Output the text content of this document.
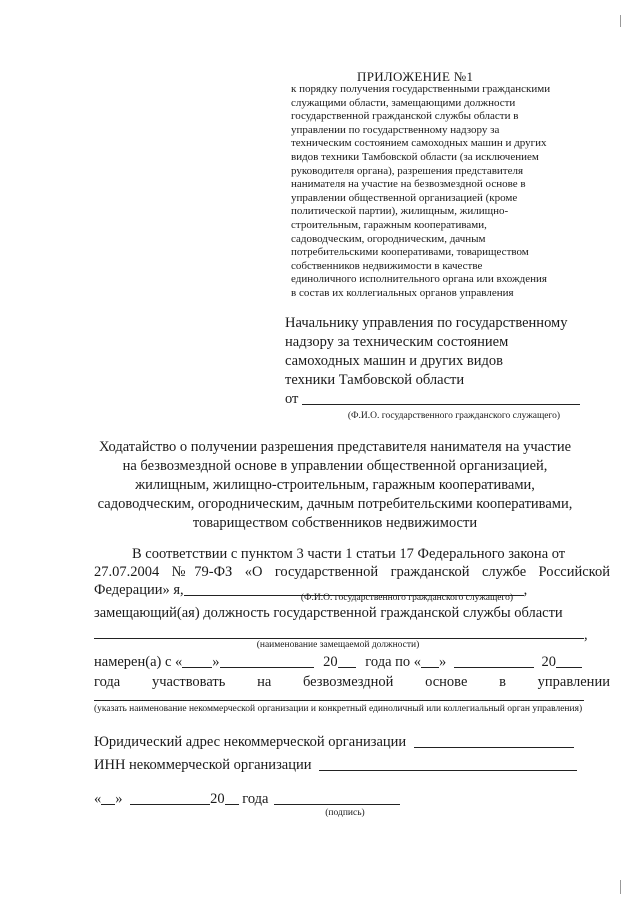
ПРИЛОЖЕНИЕ №1
к порядку получения государственными гражданскими
служащими области, замещающими должности
государственной гражданской службы области в
управлении по государственному надзору за
техническим состоянием самоходных машин и других
видов техники Тамбовской области (за исключением
руководителя органа), разрешения представителя
нанимателя на участие на безвозмездной основе в
управлении общественной организацией (кроме
политической партии), жилищным, жилищно-
строительным, гаражным кооперативами,
садоводческим, огородническим, дачным
потребительскими кооперативами, товариществом
собственников недвижимости в качестве
единоличного исполнительного органа или вхождения
в состав их коллегиальных органов управления
Начальнику управления по государственному
надзору за техническим состоянием
самоходных машин и других видов
техники Тамбовской области
от
(Ф.И.О. государственного гражданского служащего)
Ходатайство о получении разрешения представителя нанимателя на участие
на безвозмездной основе в управлении общественной организацией,
жилищным, жилищно-строительным, гаражным кооперативами,
садоводческим, огородническим, дачным потребительскими кооперативами,
товариществом собственников недвижимости
В соответствии с пунктом 3 части 1 статьи 17 Федерального закона от
27.07.2004 №79-ФЗ «О государственной гражданской службе Российской
Федерации» я,	,
(Ф.И.О. государственного гражданского служащего)
замещающий(ая) должность государственной гражданской службы области
,
(наименование замещаемой должности)
намерен(а) с « »	20 года по « »	20
года участвовать на безвозмездной основе в управлении
(указать наименование некоммерческой организации и конкретный единоличный или коллегиальный орган управления)
Юридический адрес некоммерческой организации
ИНН некоммерческой организации
« »	20 года
(подпись)
